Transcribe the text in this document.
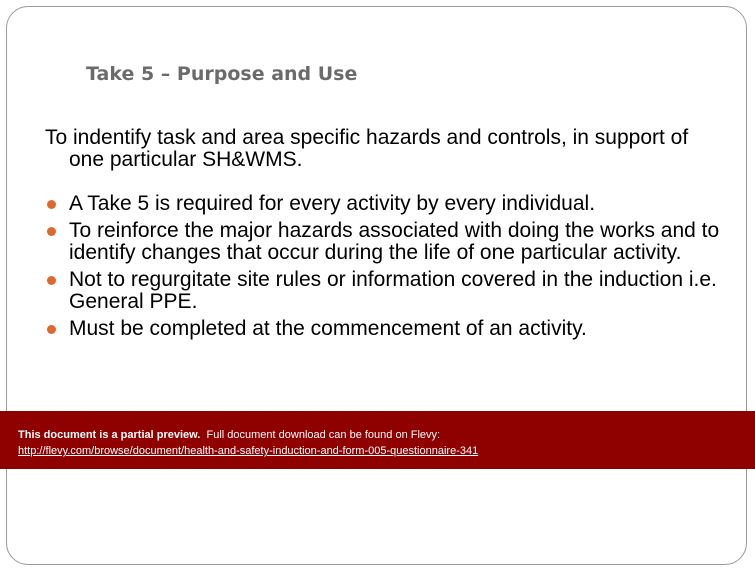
Take 5 – Purpose and Use

To indentify task and area specific hazards and controls, in support of one particular SH&WMS.

A Take 5 is required for every activity by every individual.
To reinforce the major hazards associated with doing the works and to identify changes that occur during the life of one particular activity.
Not to regurgitate site rules or information covered in the induction i.e. General PPE.
Must be completed at the commencement of an activity.
This document is a partial preview. Full document download can be found on Flevy:
http://flevy.com/browse/document/health-and-safety-induction-and-form-005-questionnaire-341
